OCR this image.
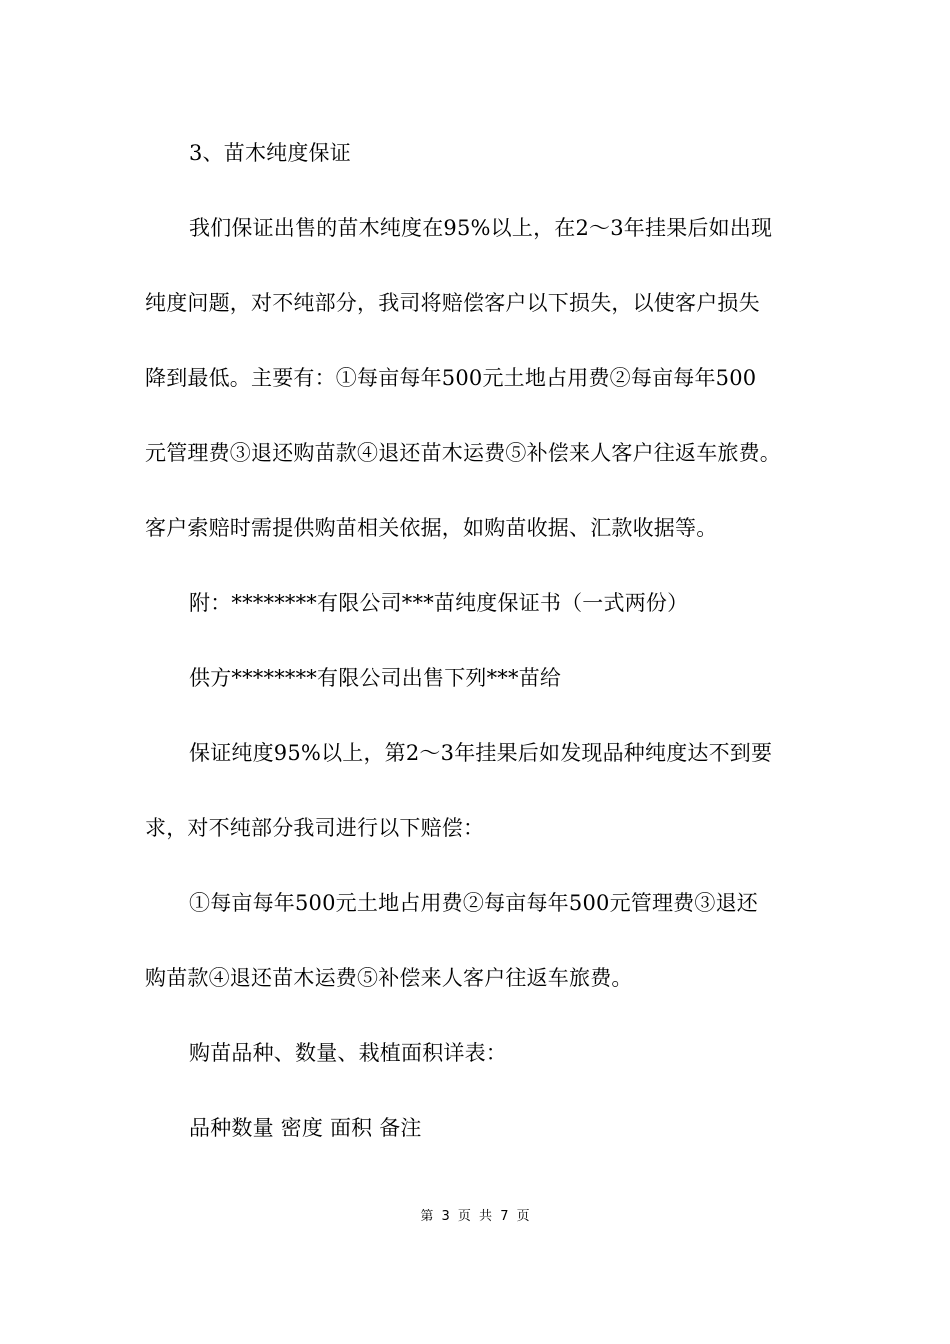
3、苗木纯度保证
我们保证出售的苗木纯度在95%以上，在2～3年挂果后如出现
纯度问题，对不纯部分，我司将赔偿客户以下损失，以使客户损失
降到最低。主要有：①每亩每年500元土地占用费②每亩每年500
元管理费③退还购苗款④退还苗木运费⑤补偿来人客户往返车旅费。
客户索赔时需提供购苗相关依据，如购苗收据、汇款收据等。
附：********有限公司***苗纯度保证书（一式两份）
供方********有限公司出售下列***苗给
保证纯度95%以上，第2～3年挂果后如发现品种纯度达不到要
求，对不纯部分我司进行以下赔偿：
①每亩每年500元土地占用费②每亩每年500元管理费③退还
购苗款④退还苗木运费⑤补偿来人客户往返车旅费。
购苗品种、数量、栽植面积详表：
品种数量 密度 面积 备注
第 3 页 共 7 页
